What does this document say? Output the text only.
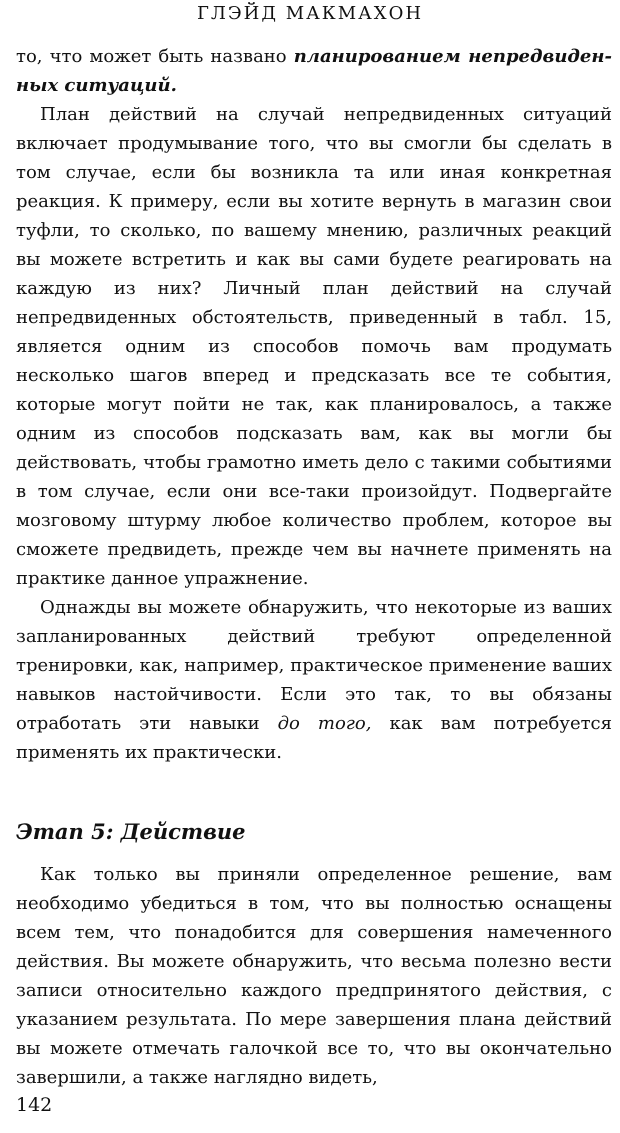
ГЛЭЙД МАКМАХОН

то, что может быть названо планированием непредвиденных ситуаций.

План действий на случай непредвиденных ситуаций включает продумывание того, что вы смогли бы сделать в том случае, если бы возникла та или иная конкретная реакция. К примеру, если вы хотите вернуть в магазин свои туфли, то сколько, по вашему мнению, различных реакций вы можете встретить и как вы сами будете реагировать на каждую из них? Личный план действий на случай непредвиденных обстоятельств, приведенный в табл. 15, является одним из способов помочь вам продумать несколько шагов вперед и предсказать все те события, которые могут пойти не так, как планировалось, а также одним из способов подсказать вам, как вы могли бы действовать, чтобы грамотно иметь дело с такими событиями в том случае, если они все-таки произойдут. Подвергайте мозговому штурму любое количество проблем, которое вы сможете предвидеть, прежде чем вы начнете применять на практике данное упражнение.

Однажды вы можете обнаружить, что некоторые из ваших запланированных действий требуют определенной тренировки, как, например, практическое применение ваших навыков настойчивости. Если это так, то вы обязаны отработать эти навыки до того, как вам потребуется применять их практически.

Этап 5: Действие

Как только вы приняли определенное решение, вам необходимо убедиться в том, что вы полностью оснащены всем тем, что понадобится для совершения намеченного действия. Вы можете обнаружить, что весьма полезно вести записи относительно каждого предпринятого действия, с указанием результата. По мере завершения плана действий вы можете отмечать галочкой все то, что вы окончательно завершили, а также наглядно видеть,

142
